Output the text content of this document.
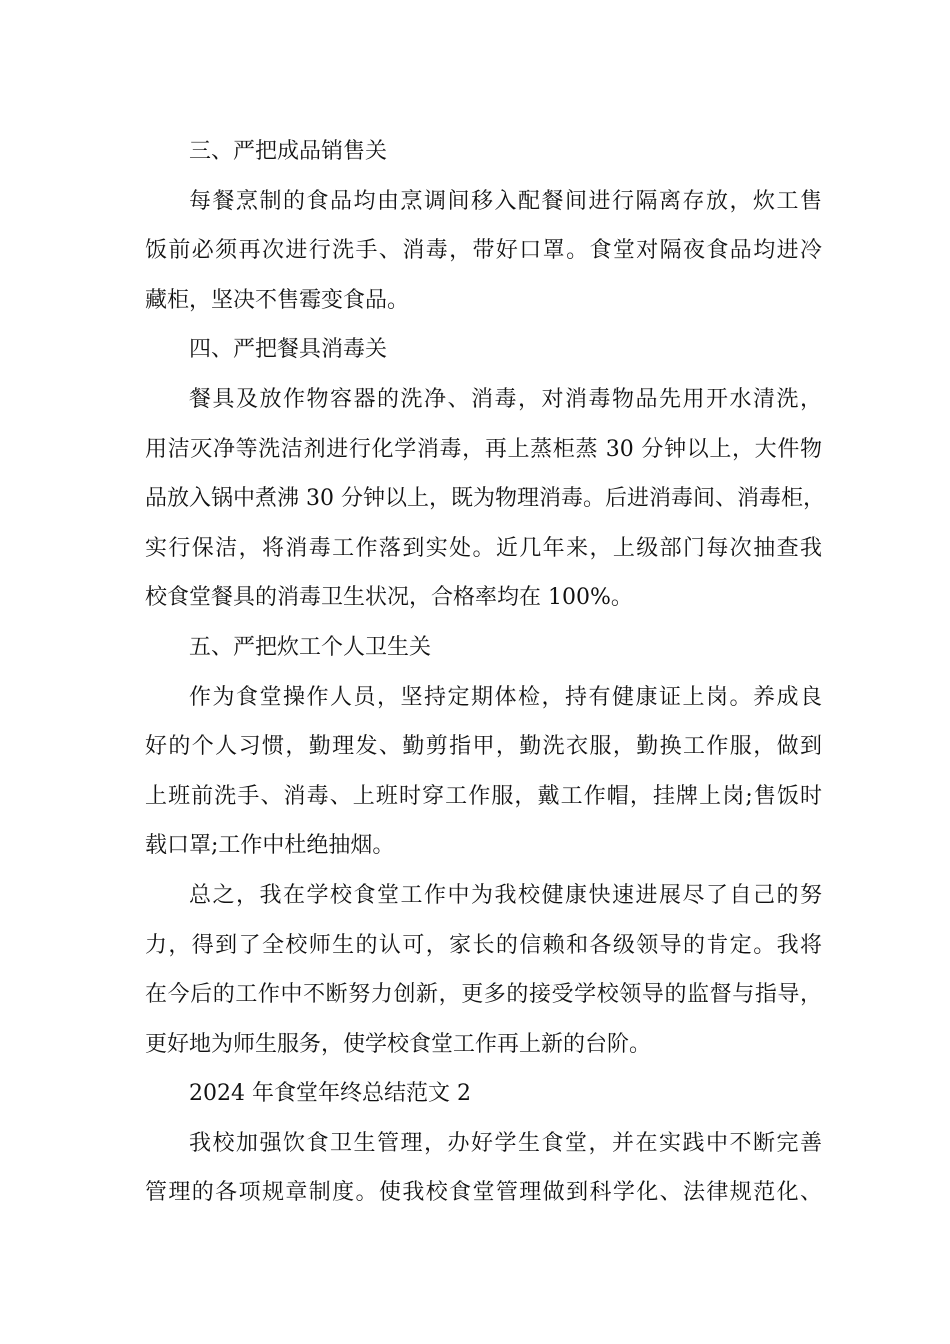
三、严把成品销售关
每餐烹制的食品均由烹调间移入配餐间进行隔离存放，炊工售
饭前必须再次进行洗手、消毒，带好口罩。食堂对隔夜食品均进冷
藏柜，坚决不售霉变食品。
四、严把餐具消毒关
餐具及放作物容器的洗净、消毒，对消毒物品先用开水清洗，
用洁灭净等洗洁剂进行化学消毒，再上蒸柜蒸 30 分钟以上，大件物
品放入锅中煮沸 30 分钟以上，既为物理消毒。后进消毒间、消毒柜，
实行保洁，将消毒工作落到实处。近几年来，上级部门每次抽查我
校食堂餐具的消毒卫生状况，合格率均在 100%。
五、严把炊工个人卫生关
作为食堂操作人员，坚持定期体检，持有健康证上岗。养成良
好的个人习惯，勤理发、勤剪指甲，勤洗衣服，勤换工作服，做到
上班前洗手、消毒、上班时穿工作服，戴工作帽，挂牌上岗;售饭时
载口罩;工作中杜绝抽烟。
总之，我在学校食堂工作中为我校健康快速进展尽了自己的努
力，得到了全校师生的认可，家长的信赖和各级领导的肯定。我将
在今后的工作中不断努力创新，更多的接受学校领导的监督与指导，
更好地为师生服务，使学校食堂工作再上新的台阶。
2024 年食堂年终总结范文 2
我校加强饮食卫生管理，办好学生食堂，并在实践中不断完善
管理的各项规章制度。使我校食堂管理做到科学化、法律规范化、
